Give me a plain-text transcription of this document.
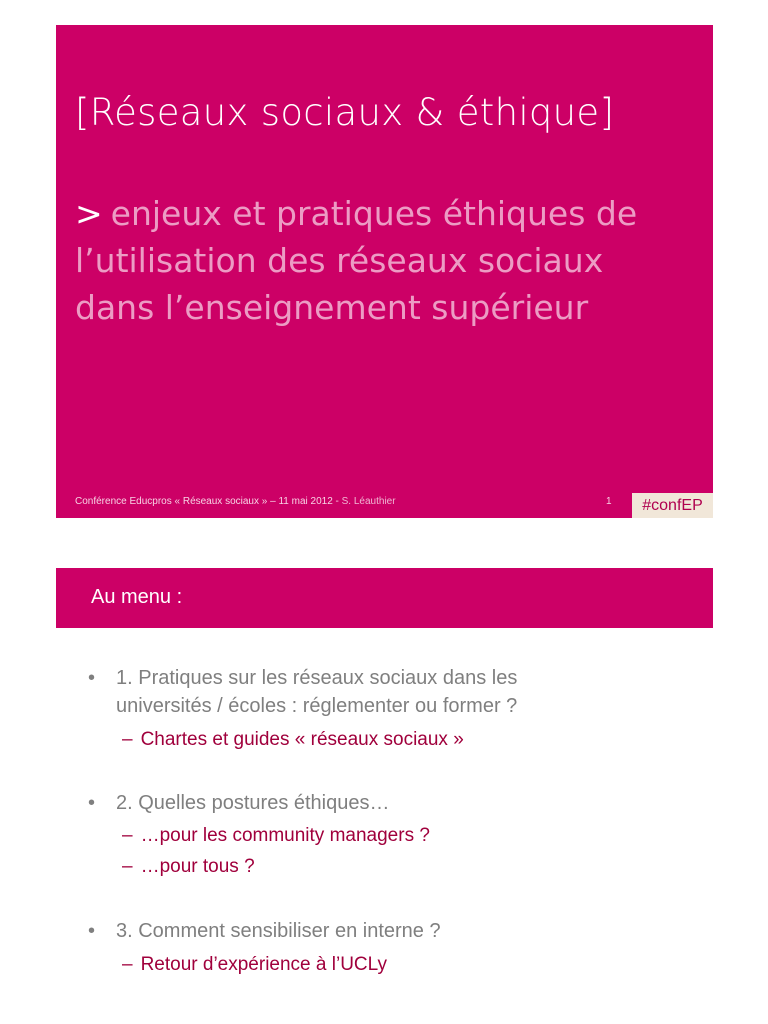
[Réseaux sociaux & éthique]
> enjeux et pratiques éthiques de
l’utilisation des réseaux sociaux
dans l’enseignement supérieur
Conférence Educpros « Réseaux sociaux » – 11 mai 2012 - S. Léauthier	1 #confEP
Au menu :
• 1. Pratiques sur les réseaux sociaux dans les
universités / écoles : réglementer ou former ?
– Chartes et guides « réseaux sociaux »
• 2. Quelles postures éthiques…
– …pour les community managers ?
– …pour tous ?
• 3. Comment sensibiliser en interne ?
– Retour d’expérience à l’UCLy
